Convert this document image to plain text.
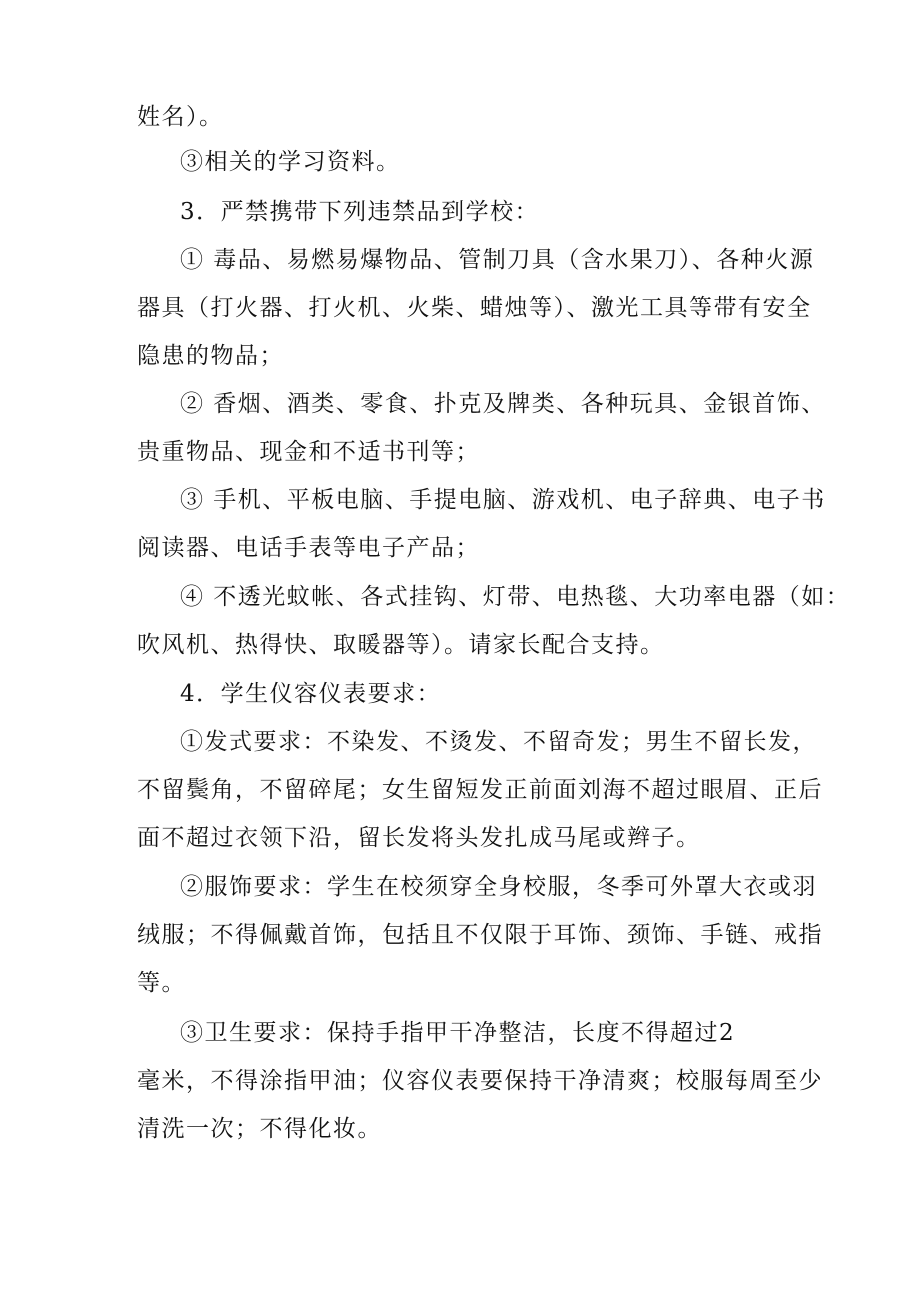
姓名）。
③相关的学习资料。
3．严禁携带下列违禁品到学校：
① 毒品、易燃易爆物品、管制刀具（含水果刀）、各种火源
器具（打火器、打火机、火柴、蜡烛等）、激光工具等带有安全
隐患的物品；
② 香烟、酒类、零食、扑克及牌类、各种玩具、金银首饰、
贵重物品、现金和不适书刊等；
③ 手机、平板电脑、手提电脑、游戏机、电子辞典、电子书
阅读器、电话手表等电子产品；
④ 不透光蚊帐、各式挂钩、灯带、电热毯、大功率电器（如：
吹风机、热得快、取暖器等）。请家长配合支持。
4．学生仪容仪表要求：
①发式要求：不染发、不烫发、不留奇发；男生不留长发，
不留鬓角，不留碎尾；女生留短发正前面刘海不超过眼眉、正后
面不超过衣领下沿，留长发将头发扎成马尾或辫子。
②服饰要求：学生在校须穿全身校服，冬季可外罩大衣或羽
绒服；不得佩戴首饰，包括且不仅限于耳饰、颈饰、手链、戒指
等。
③卫生要求：保持手指甲干净整洁，长度不得超过2
毫米，不得涂指甲油；仪容仪表要保持干净清爽；校服每周至少
清洗一次；不得化妆。
